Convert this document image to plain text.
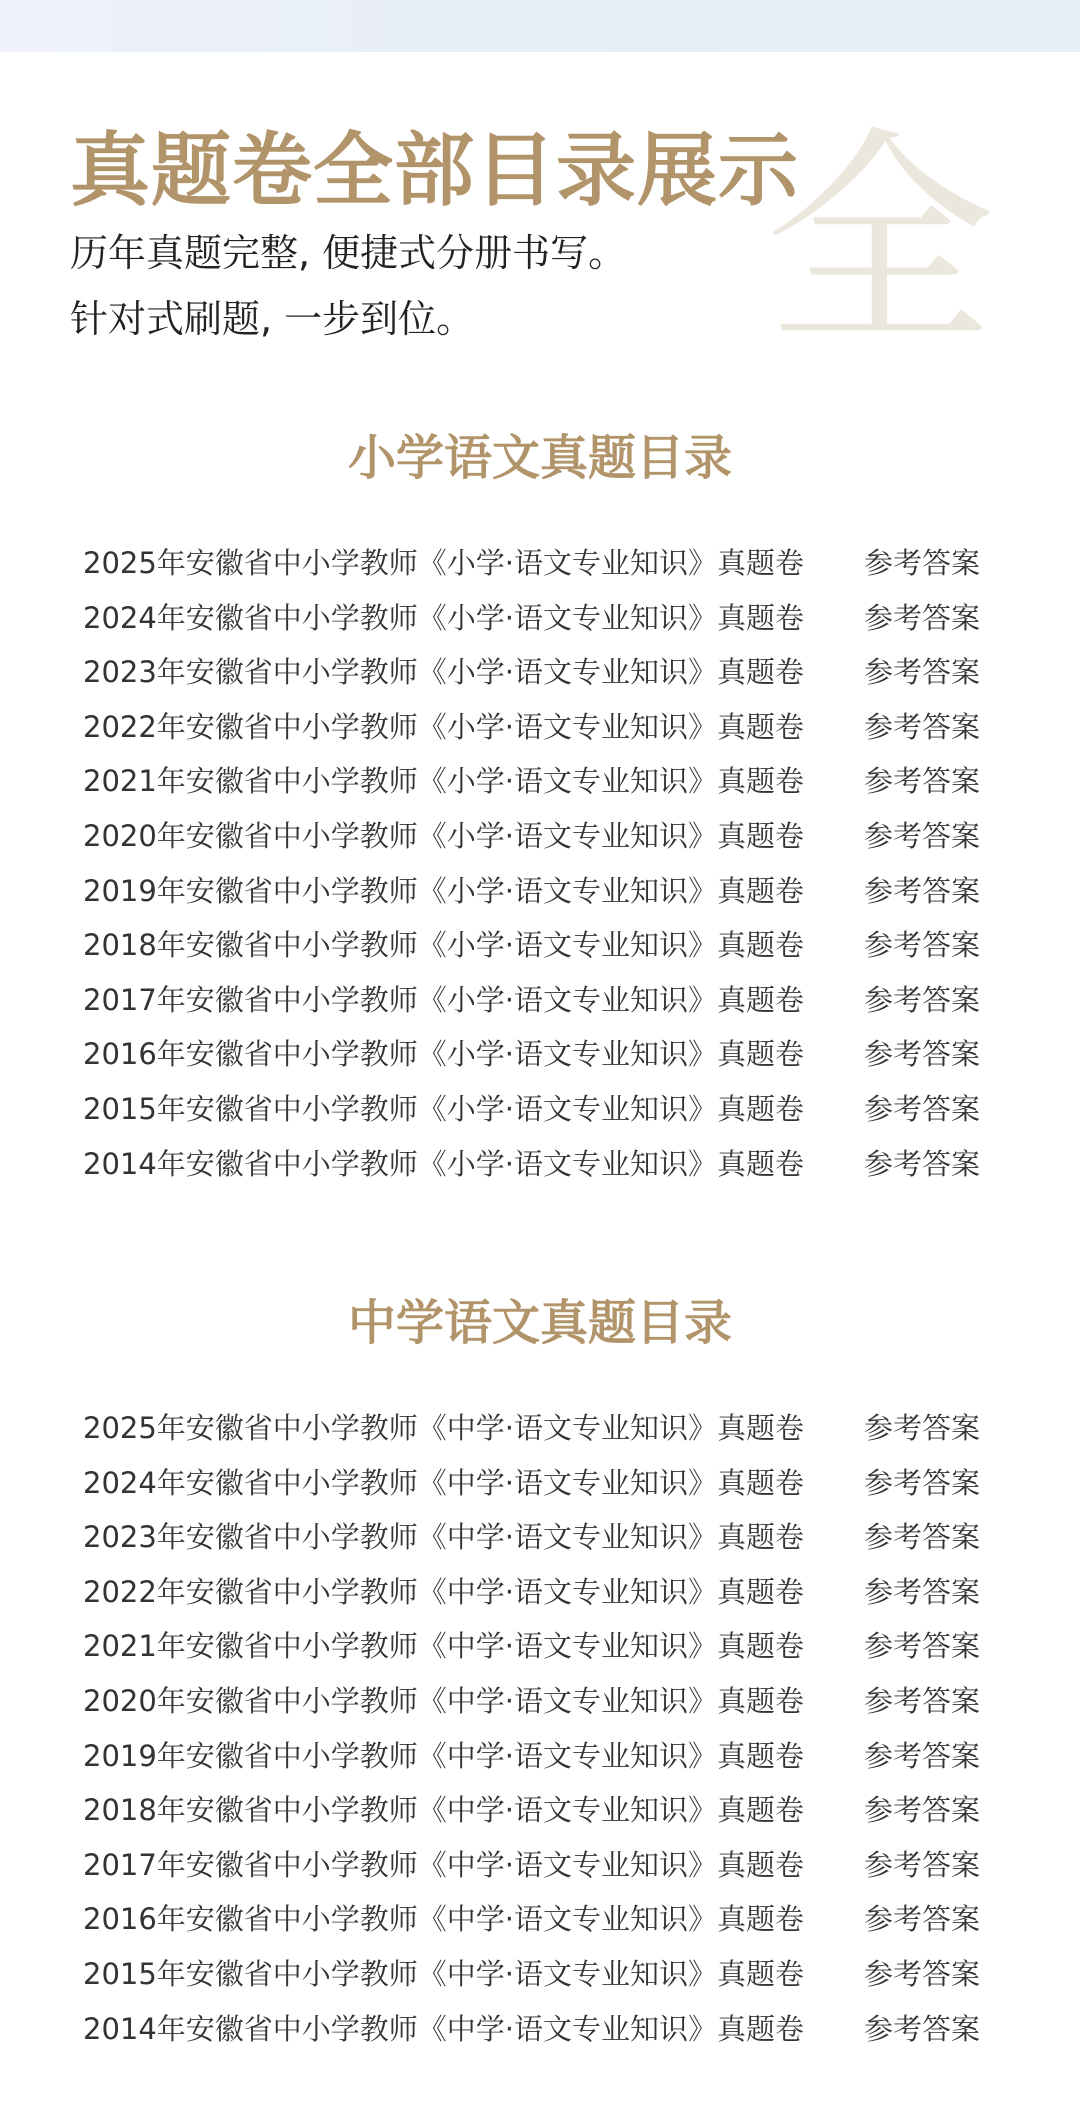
全
真题卷全部目录展示

历年真题完整, 便捷式分册书写。

针对式刷题, 一步到位。

小学语文真题目录
2025年安徽省中小学教师《小学·语文专业知识》真题卷 参考答案
2024年安徽省中小学教师《小学·语文专业知识》真题卷 参考答案
2023年安徽省中小学教师《小学·语文专业知识》真题卷 参考答案
2022年安徽省中小学教师《小学·语文专业知识》真题卷 参考答案
2021年安徽省中小学教师《小学·语文专业知识》真题卷 参考答案
2020年安徽省中小学教师《小学·语文专业知识》真题卷 参考答案
2019年安徽省中小学教师《小学·语文专业知识》真题卷 参考答案
2018年安徽省中小学教师《小学·语文专业知识》真题卷 参考答案
2017年安徽省中小学教师《小学·语文专业知识》真题卷 参考答案
2016年安徽省中小学教师《小学·语文专业知识》真题卷 参考答案
2015年安徽省中小学教师《小学·语文专业知识》真题卷 参考答案
2014年安徽省中小学教师《小学·语文专业知识》真题卷 参考答案
中学语文真题目录
2025年安徽省中小学教师《中学·语文专业知识》真题卷 参考答案
2024年安徽省中小学教师《中学·语文专业知识》真题卷 参考答案
2023年安徽省中小学教师《中学·语文专业知识》真题卷 参考答案
2022年安徽省中小学教师《中学·语文专业知识》真题卷 参考答案
2021年安徽省中小学教师《中学·语文专业知识》真题卷 参考答案
2020年安徽省中小学教师《中学·语文专业知识》真题卷 参考答案
2019年安徽省中小学教师《中学·语文专业知识》真题卷 参考答案
2018年安徽省中小学教师《中学·语文专业知识》真题卷 参考答案
2017年安徽省中小学教师《中学·语文专业知识》真题卷 参考答案
2016年安徽省中小学教师《中学·语文专业知识》真题卷 参考答案
2015年安徽省中小学教师《中学·语文专业知识》真题卷 参考答案
2014年安徽省中小学教师《中学·语文专业知识》真题卷 参考答案
